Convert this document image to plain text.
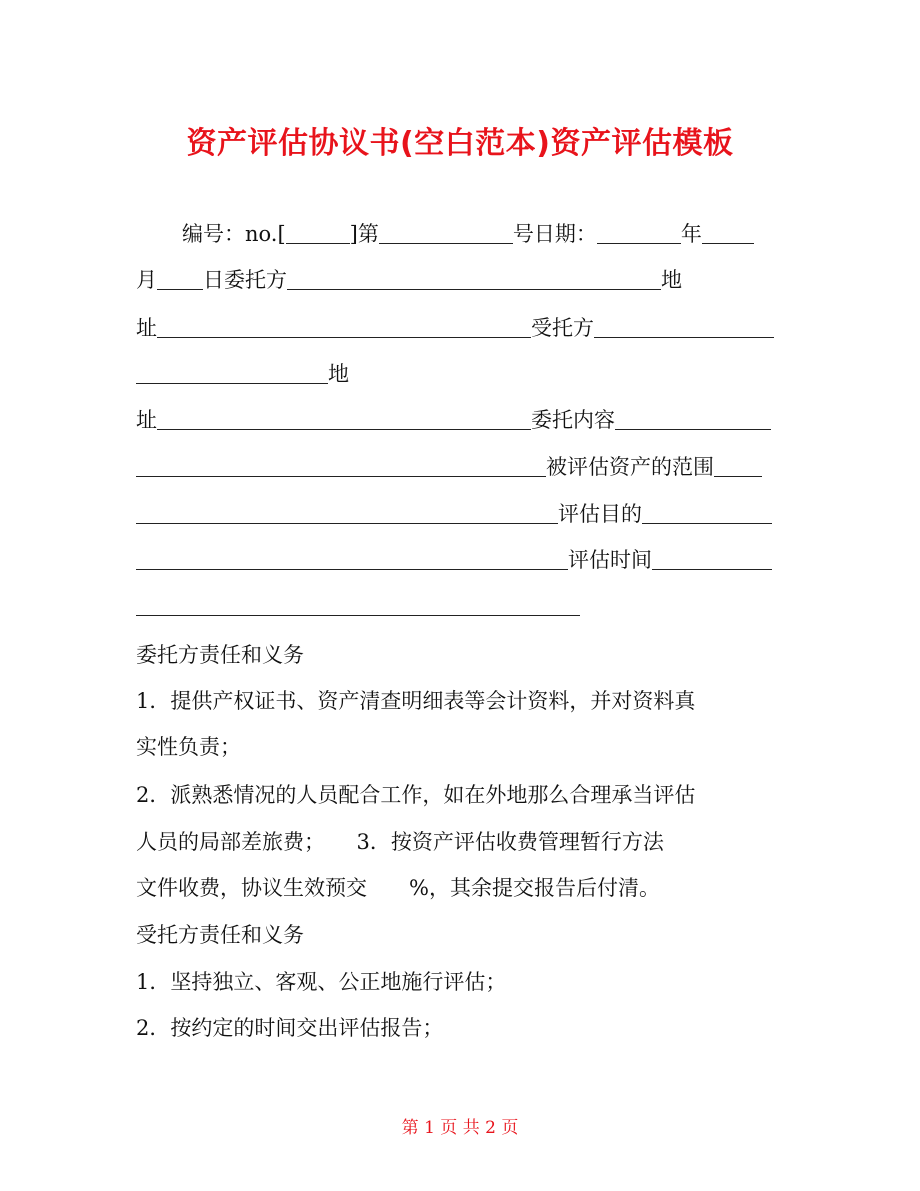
资产评估协议书(空白范本)资产评估模板
编号：no.[	]第	号日期：	年
月 日委托方	地
址	受托方
地
址	委托内容
被评估资产的范围
评估目的
评估时间
委托方责任和义务
1．提供产权证书、资产清查明细表等会计资料，并对资料真
实性负责；
2．派熟悉情况的人员配合工作，如在外地那么合理承当评估
人员的局部差旅费；　　3．按资产评估收费管理暂行方法
文件收费，协议生效预交　　%，其余提交报告后付清。
受托方责任和义务
1．坚持独立、客观、公正地施行评估；
2．按约定的时间交出评估报告；
第 1 页 共 2 页
